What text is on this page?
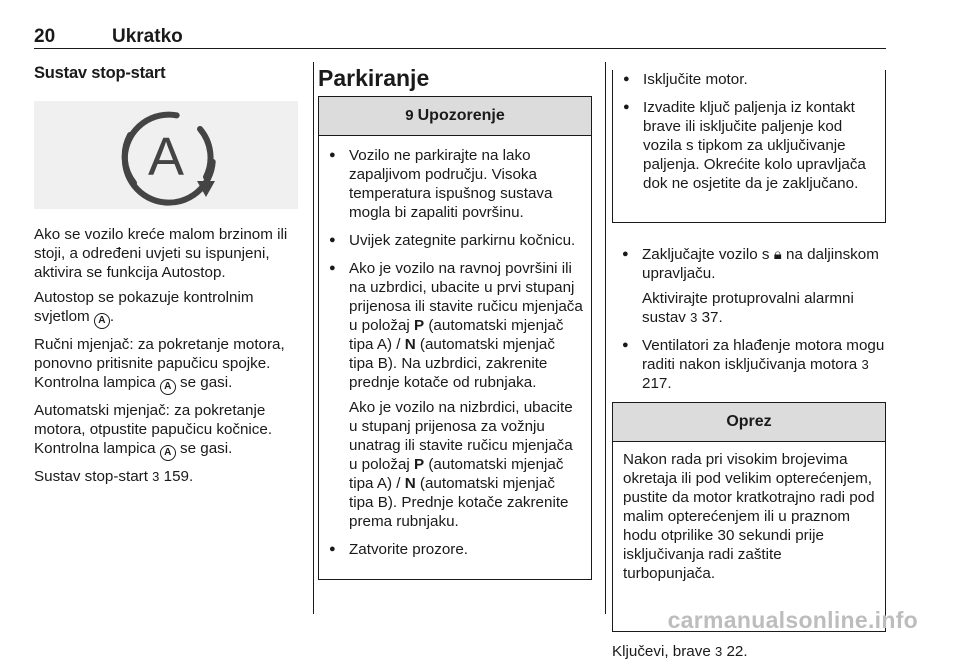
20	Ukratko
Sustav stop-start
A

Ako se vozilo kreće malom brzinom ili stoji, a određeni uvjeti su ispunjeni, aktivira se funkcija Autostop.

Autostop se pokazuje kontrolnim svjetlom A .

Ručni mjenjač: za pokretanje motora, ponovno pritisnite papučicu spojke. Kontrolna lampica A se gasi.

Automatski mjenjač: za pokretanje motora, otpustite papučicu kočnice. Kontrolna lampica A se gasi.

Sustav stop-start 3 159.

Parkiranje
9 Upozorenje
● Vozilo ne parkirajte na lako zapaljivom području. Visoka temperatura ispušnog sustava mogla bi zapaliti površinu.
● Uvijek zategnite parkirnu kočnicu.
● Ako je vozilo na ravnoj površini ili na uzbrdici, ubacite u prvi stupanj prijenosa ili stavite ručicu mjenjača u položaj P (automatski mjenjač tipa A) / N (automatski mjenjač tipa B). Na uzbrdici, zakrenite prednje kotače od rubnjaka.
Ako je vozilo na nizbrdici, ubacite u stupanj prijenosa za vožnju unatrag ili stavite ručicu mjenjača u položaj P (automatski mjenjač tipa A) / N (automatski mjenjač tipa B). Prednje kotače zakrenite prema rubnjaku.
● Zatvorite prozore.
● Isključite motor.
● Izvadite ključ paljenja iz kontakt brave ili isključite paljenje kod vozila s tipkom za uključivanje paljenja. Okrećite kolo upravljača dok ne osjetite da je zaključano.
● Zaključajte vozilo s 🔒︎ na daljinskom upravljaču.
Aktivirajte protuprovalni alarmni sustav 3 37.
● Ventilatori za hlađenje motora mogu raditi nakon isključivanja motora 3 217.
Oprez
Nakon rada pri visokim brojevima okretaja ili pod velikim opterećenjem, pustite da motor kratkotrajno radi pod malim opterećenjem ili u praznom hodu otprilike 30 sekundi prije isključivanja radi zaštite turbopunjača.
Ključevi, brave 3 22.
carmanualsonline.info
